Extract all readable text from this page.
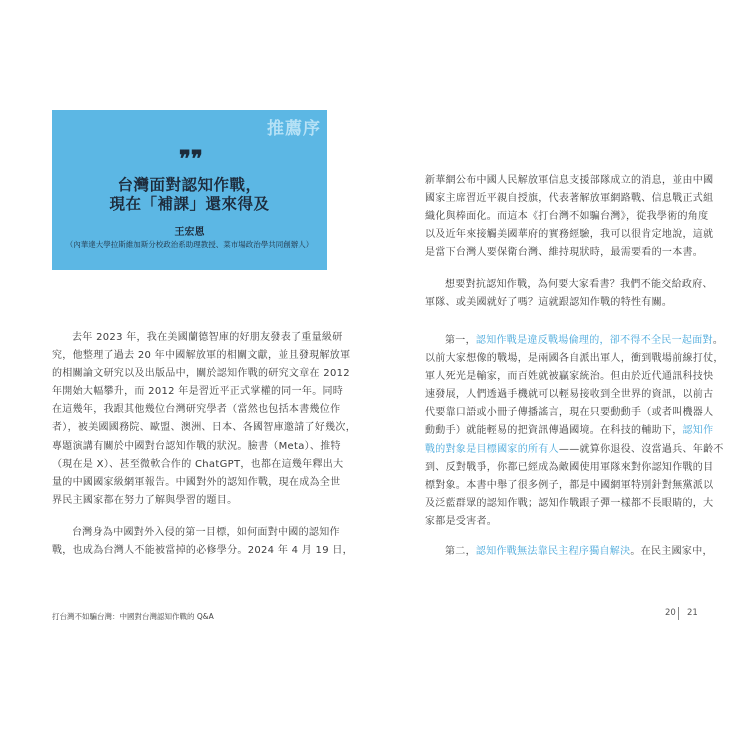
推薦序
❞❞
台灣面對認知作戰，
現在「補課」還來得及
王宏恩
（內華達大學拉斯維加斯分校政治系助理教授、菜市場政治學共同創辦人）
去年 2023 年，我在美國蘭德智庫的好朋友發表了重量級研
究，他整理了過去 20 年中國解放軍的相關文獻，並且發現解放軍
的相關論文研究以及出版品中，關於認知作戰的研究文章在 2012
年開始大幅攀升，而 2012 年是習近平正式掌權的同一年。同時
在這幾年，我跟其他幾位台灣研究學者（當然也包括本書幾位作
者），被美國國務院、歐盟、澳洲、日本、各國智庫邀請了好幾次，
專題演講有關於中國對台認知作戰的狀況。臉書（Meta）、推特
（現在是 X）、甚至微軟合作的 ChatGPT，也都在這幾年釋出大
量的中國國家級網軍報告。中國對外的認知作戰，現在成為全世
界民主國家都在努力了解與學習的題目。
台灣身為中國對外入侵的第一目標，如何面對中國的認知作
戰，也成為台灣人不能被當掉的必修學分。2024 年 4 月 19 日，
打台灣不如騙台灣：中國對台灣認知作戰的 Q&A	20 21
新華網公布中國人民解放軍信息支援部隊成立的消息，並由中國
國家主席習近平親自授旗，代表著解放軍網路戰、信息戰正式組
織化與棒面化。而這本《打台灣不如騙台灣》，從我學術的角度
以及近年來接觸美國華府的實務經驗，我可以很肯定地說，這就
是當下台灣人要保衛台灣、維持現狀時，最需要看的一本書。
想要對抗認知作戰，為何要大家看書？我們不能交給政府、
軍隊、或美國就好了嗎？這就跟認知作戰的特性有關。
第一，認知作戰是違反戰場倫理的，卻不得不全民一起面對。
以前大家想像的戰場，是兩國各自派出軍人，衝到戰場前線打仗，
軍人死光是輸家，而百姓就被贏家統治。但由於近代通訊科技快
速發展，人們透過手機就可以輕易接收到全世界的資訊，以前古
代要靠口語或小冊子傳播謠言，現在只要動動手（或者叫機器人
動動手）就能輕易的把資訊傳過國境。在科技的輔助下，認知作
戰的對象是目標國家的所有人——就算你退役、沒當過兵、年齡不
到、反對戰爭，你都已經成為敵國使用軍隊來對你認知作戰的目
標對象。本書中舉了很多例子，都是中國網軍特別針對無黨派以
及泛藍群眾的認知作戰；認知作戰跟子彈一樣都不長眼睛的，大
家都是受害者。
第二，認知作戰無法靠民主程序獨自解決。在民主國家中，
